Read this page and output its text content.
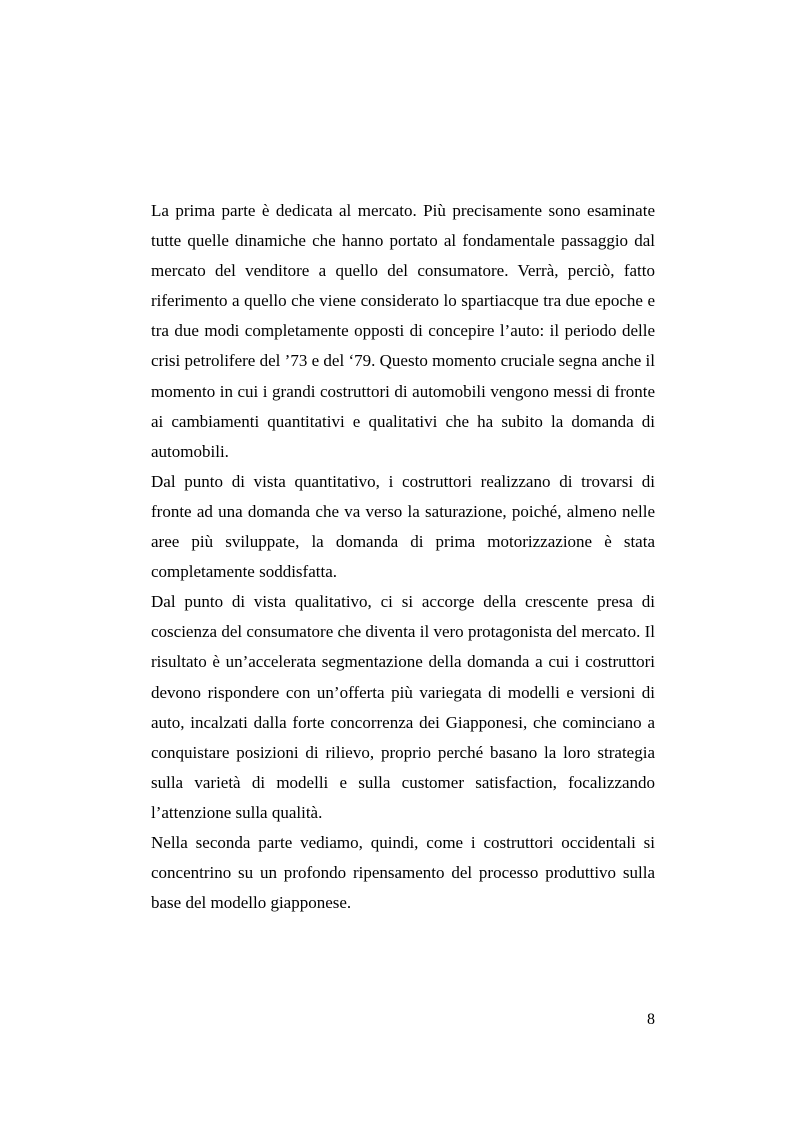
La prima parte è dedicata al mercato. Più precisamente sono esaminate tutte quelle dinamiche che hanno portato al fondamentale passaggio dal mercato del venditore a quello del consumatore. Verrà, perciò, fatto riferimento a quello che viene considerato lo spartiacque tra due epoche e tra due modi completamente opposti di concepire l’auto: il periodo delle crisi petrolifere del ’73 e del ‘79. Questo momento cruciale segna anche il momento in cui i grandi costruttori di automobili vengono messi di fronte ai cambiamenti quantitativi e qualitativi che ha subito la domanda di automobili.

Dal punto di vista quantitativo, i costruttori realizzano di trovarsi di fronte ad una domanda che va verso la saturazione, poiché, almeno nelle aree più sviluppate, la domanda di prima motorizzazione è stata completamente soddisfatta.

Dal punto di vista qualitativo, ci si accorge della crescente presa di coscienza del consumatore che diventa il vero protagonista del mercato. Il risultato è un’accelerata segmentazione della domanda a cui i costruttori devono rispondere con un’offerta più variegata di modelli e versioni di auto, incalzati dalla forte concorrenza dei Giapponesi, che cominciano a conquistare posizioni di rilievo, proprio perché basano la loro strategia sulla varietà di modelli e sulla customer satisfaction, focalizzando l’attenzione sulla qualità.

Nella seconda parte vediamo, quindi, come i costruttori occidentali si concentrino su un profondo ripensamento del processo produttivo sulla base del modello giapponese.

8
